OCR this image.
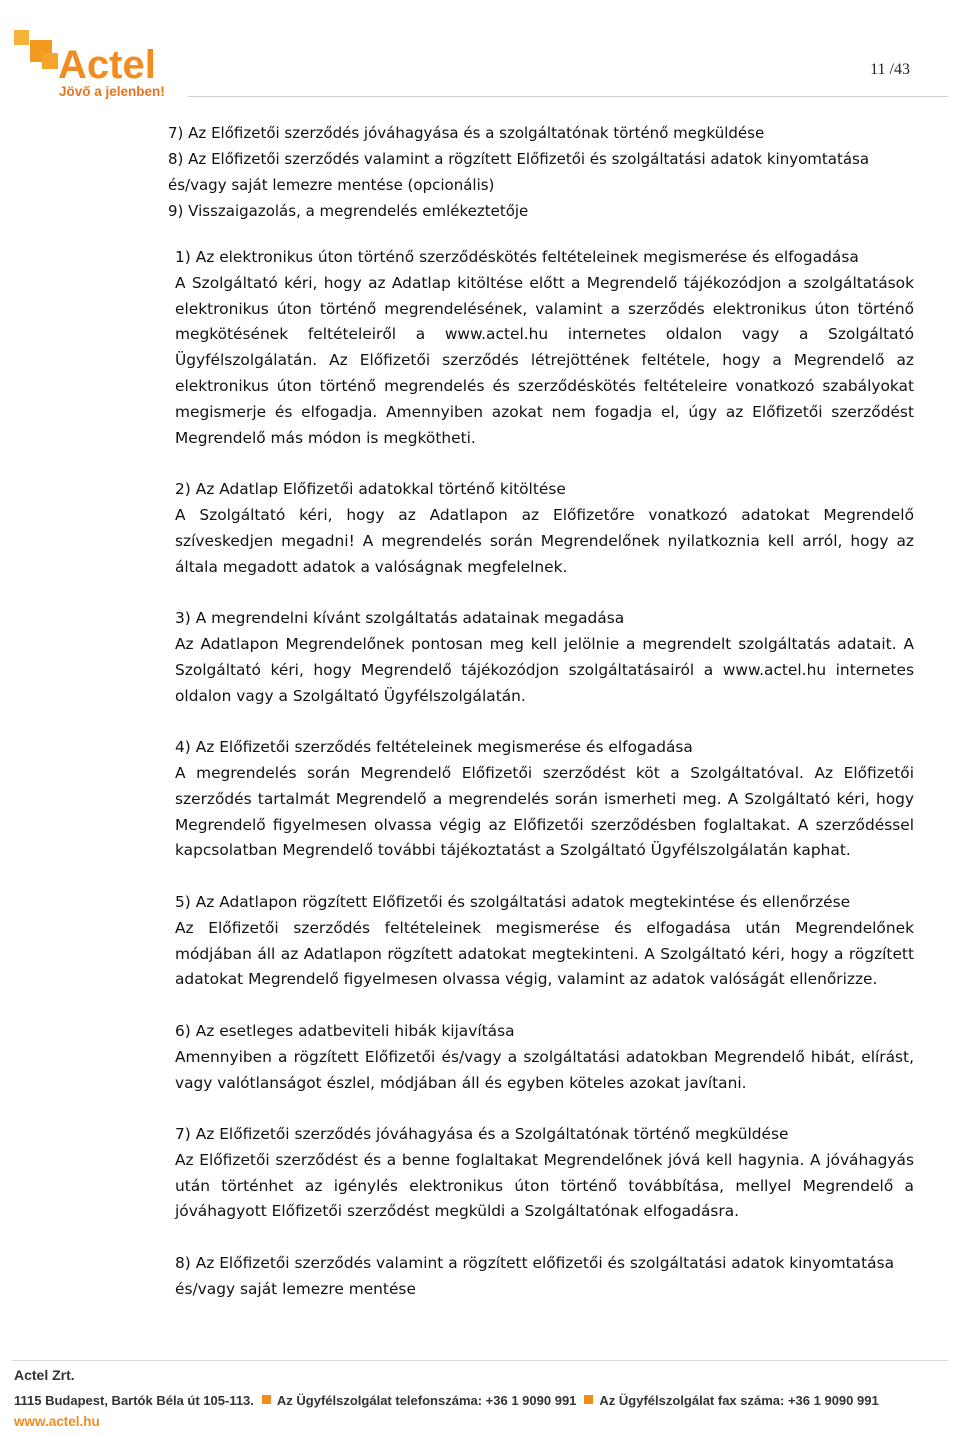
Actel
Jövő a jelenben!
11 /43
7) Az Előfizetői szerződés jóváhagyása és a szolgáltatónak történő megküldése
8) Az Előfizetői szerződés valamint a rögzített Előfizetői és szolgáltatási adatok kinyomtatása
és/vagy saját lemezre mentése (opcionális)
9) Visszaigazolás, a megrendelés emlékeztetője
1) Az elektronikus úton történő szerződéskötés feltételeinek megismerése és elfogadása
A Szolgáltató kéri, hogy az Adatlap kitöltése előtt a Megrendelő tájékozódjon a szolgáltatások elektronikus úton történő megrendelésének, valamint a szerződés elektronikus úton történő megkötésének feltételeiről a www.actel.hu internetes oldalon vagy a Szolgáltató Ügyfélszolgálatán. Az Előfizetői szerződés létrejöttének feltétele, hogy a Megrendelő az elektronikus úton történő megrendelés és szerződéskötés feltételeire vonatkozó szabályokat megismerje és elfogadja. Amennyiben azokat nem fogadja el, úgy az Előfizetői szerződést Megrendelő más módon is megkötheti.
2) Az Adatlap Előfizetői adatokkal történő kitöltése
A Szolgáltató kéri, hogy az Adatlapon az Előfizetőre vonatkozó adatokat Megrendelő szíveskedjen megadni! A megrendelés során Megrendelőnek nyilatkoznia kell arról, hogy az általa megadott adatok a valóságnak megfelelnek.
3) A megrendelni kívánt szolgáltatás adatainak megadása
Az Adatlapon Megrendelőnek pontosan meg kell jelölnie a megrendelt szolgáltatás adatait. A Szolgáltató kéri, hogy Megrendelő tájékozódjon szolgáltatásairól a www.actel.hu internetes oldalon vagy a Szolgáltató Ügyfélszolgálatán.
4) Az Előfizetői szerződés feltételeinek megismerése és elfogadása
A megrendelés során Megrendelő Előfizetői szerződést köt a Szolgáltatóval. Az Előfizetői szerződés tartalmát Megrendelő a megrendelés során ismerheti meg. A Szolgáltató kéri, hogy Megrendelő figyelmesen olvassa végig az Előfizetői szerződésben foglaltakat. A szerződéssel kapcsolatban Megrendelő további tájékoztatást a Szolgáltató Ügyfélszolgálatán kaphat.
5) Az Adatlapon rögzített Előfizetői és szolgáltatási adatok megtekintése és ellenőrzése
Az Előfizetői szerződés feltételeinek megismerése és elfogadása után Megrendelőnek módjában áll az Adatlapon rögzített adatokat megtekinteni. A Szolgáltató kéri, hogy a rögzített adatokat Megrendelő figyelmesen olvassa végig, valamint az adatok valóságát ellenőrizze.
6) Az esetleges adatbeviteli hibák kijavítása
Amennyiben a rögzített Előfizetői és/vagy a szolgáltatási adatokban Megrendelő hibát, elírást, vagy valótlanságot észlel, módjában áll és egyben köteles azokat javítani.
7) Az Előfizetői szerződés jóváhagyása és a Szolgáltatónak történő megküldése
Az Előfizetői szerződést és a benne foglaltakat Megrendelőnek jóvá kell hagynia. A jóváhagyás után történhet az igénylés elektronikus úton történő továbbítása, mellyel Megrendelő a jóváhagyott Előfizetői szerződést megküldi a Szolgáltatónak elfogadásra.
8) Az Előfizetői szerződés valamint a rögzített előfizetői és szolgáltatási adatok kinyomtatása
és/vagy saját lemezre mentése
Actel Zrt.
1115 Budapest, Bartók Béla út 105-113. Az Ügyfélszolgálat telefonszáma: +36 1 9090 991 Az Ügyfélszolgálat fax száma: +36 1 9090 991
www.actel.hu
